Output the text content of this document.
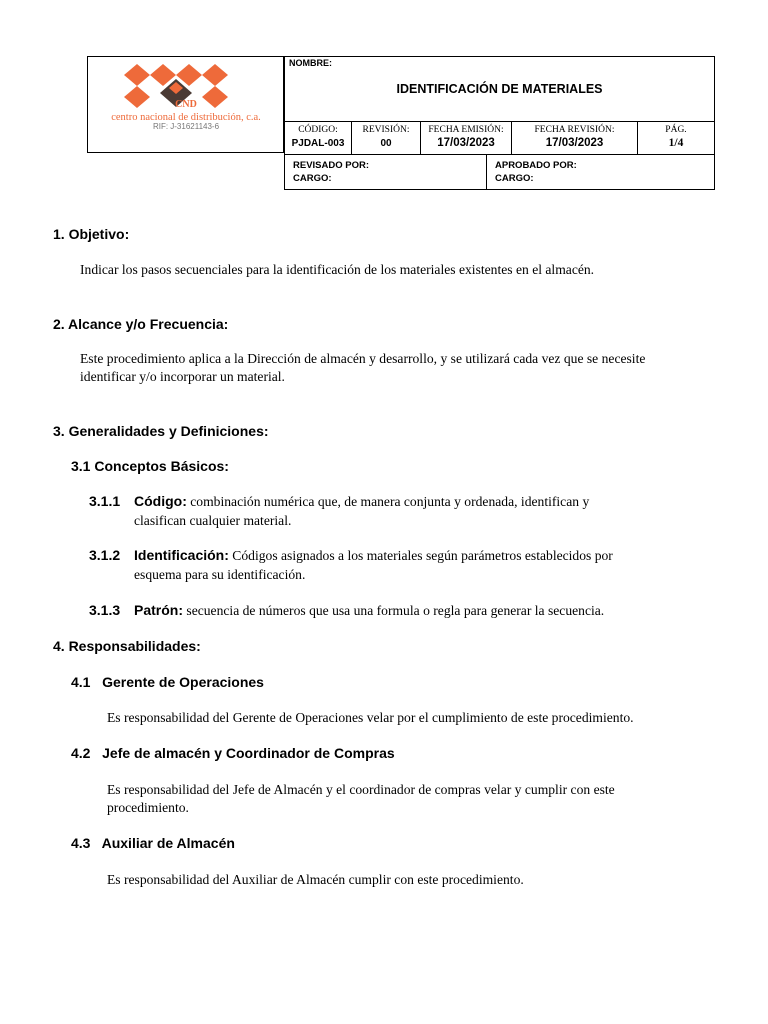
CND
centro nacional de distribución, c.a.
RIF: J-31621143-6
NOMBRE:
IDENTIFICACIÓN DE MATERIALES
CÓDIGO:
PJDAL-003
REVISIÓN:
00
FECHA EMISIÓN:
17/03/2023
FECHA REVISIÓN:
17/03/2023
PÁG.
1/4
REVISADO POR:
CARGO:
APROBADO POR:
CARGO:
1. Objetivo:
Indicar los pasos secuenciales para la identificación de los materiales existentes en el almacén.
2. Alcance y/o Frecuencia:
Este procedimiento aplica a la Dirección de almacén y desarrollo, y se utilizará cada vez que se necesite
identificar y/o incorporar un material.
3. Generalidades y Definiciones:
3.1 Conceptos Básicos:
3.1.1 Código: combinación numérica que, de manera conjunta y ordenada, identifican y
clasifican cualquier material.
3.1.2 Identificación: Códigos asignados a los materiales según parámetros establecidos por
esquema para su identificación.
3.1.3 Patrón: secuencia de números que usa una formula o regla para generar la secuencia.
4. Responsabilidades:
4.1   Gerente de Operaciones
Es responsabilidad del Gerente de Operaciones velar por el cumplimiento de este procedimiento.
4.2   Jefe de almacén y Coordinador de Compras
Es responsabilidad del Jefe de Almacén y el coordinador de compras velar y cumplir con este
procedimiento.
4.3   Auxiliar de Almacén
Es responsabilidad del Auxiliar de Almacén cumplir con este procedimiento.
